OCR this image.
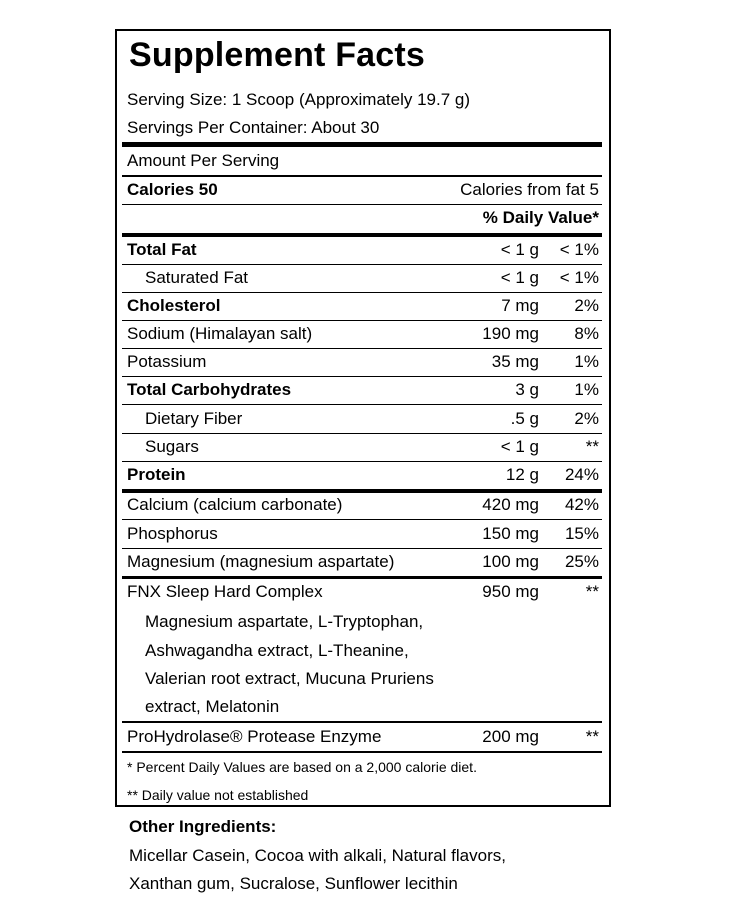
Supplement Facts
Serving Size: 1 Scoop (Approximately 19.7 g)
Servings Per Container: About 30
Amount Per Serving
Calories 50	Calories from fat 5
% Daily Value*
Total Fat	< 1 g < 1%
Saturated Fat	< 1 g < 1%
Cholesterol	7 mg 2%
Sodium (Himalayan salt)	190 mg 8%
Potassium	35 mg 1%
Total Carbohydrates	3 g 1%
Dietary Fiber	.5 g 2%
Sugars	< 1 g	**
Protein	12 g 24%
Calcium (calcium carbonate)	420 mg 42%
Phosphorus	150 mg 15%
Magnesium (magnesium aspartate)	100 mg 25%
FNX Sleep Hard Complex	950 mg	**
Magnesium aspartate, L-Tryptophan,
Ashwagandha extract, L-Theanine,
Valerian root extract, Mucuna Pruriens
extract, Melatonin
ProHydrolase® Protease Enzyme	200 mg	**
* Percent Daily Values are based on a 2,000 calorie diet.
** Daily value not established
Other Ingredients:
Micellar Casein, Cocoa with alkali, Natural flavors,
Xanthan gum, Sucralose, Sunflower lecithin
